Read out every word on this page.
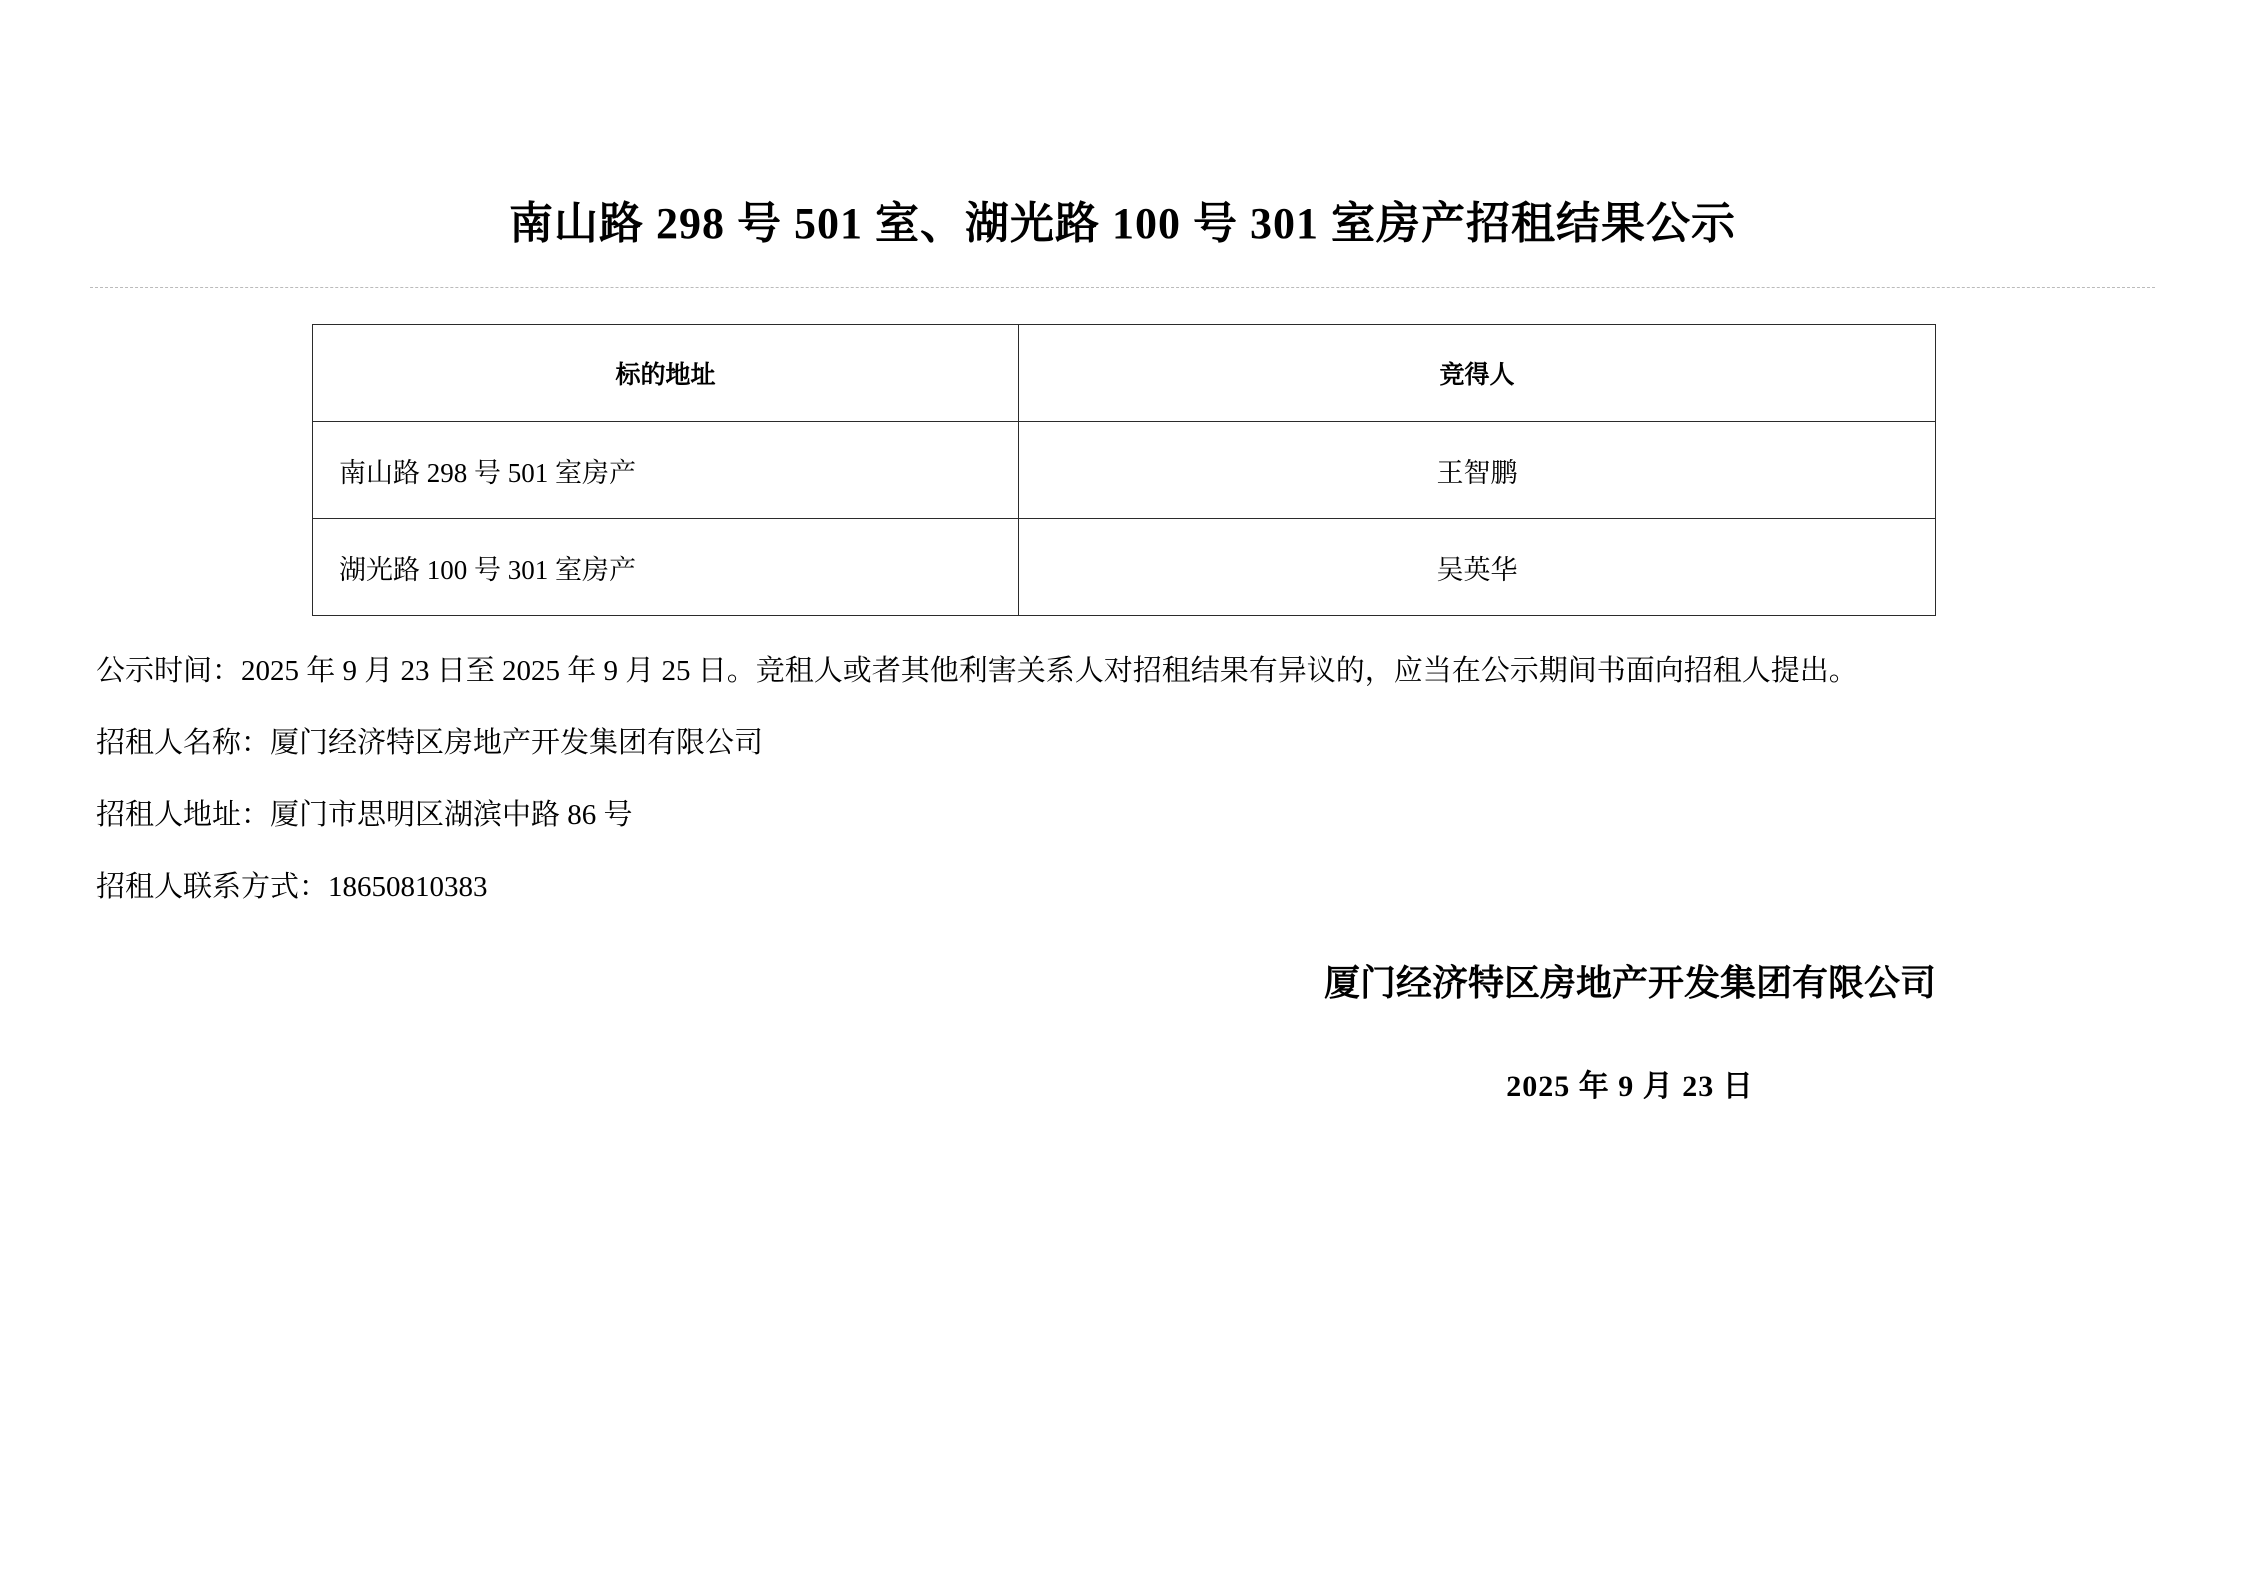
南山路 298 号 501 室、湖光路 100 号 301 室房产招租结果公示
标的地址	竞得人
南山路 298 号 501 室房产	王智鹏
湖光路 100 号 301 室房产	吴英华

公示时间：2025 年 9 月 23 日至 2025 年 9 月 25 日。竞租人或者其他利害关系人对招租结果有异议的，应当在公示期间书面向招租人提出。

招租人名称：厦门经济特区房地产开发集团有限公司

招租人地址：厦门市思明区湖滨中路 86 号

招租人联系方式：18650810383

厦门经济特区房地产开发集团有限公司

2025 年 9 月 23 日
